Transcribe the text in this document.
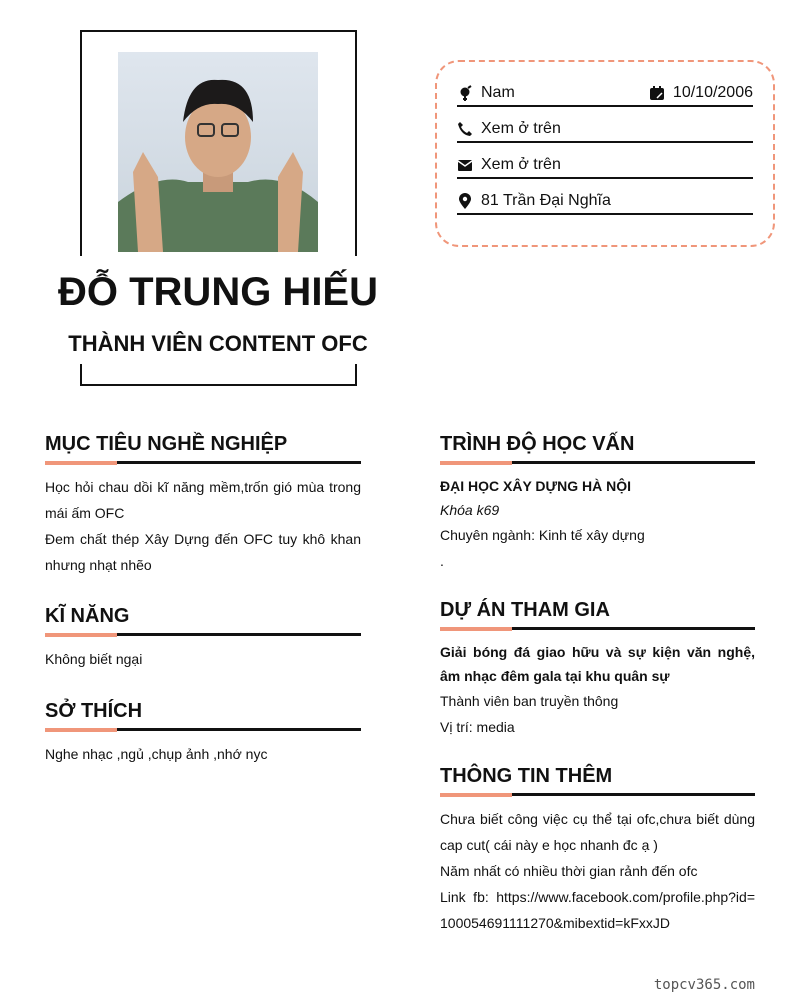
ĐỖ TRUNG HIẾU
THÀNH VIÊN CONTENT OFC
Nam	10/10/2006
Xem ở trên
Xem ở trên
81 Trần Đại Nghĩa
MỤC TIÊU NGHỀ NGHIỆP

Học hỏi chau dồi kĩ năng mềm,trốn gió mùa trong mái ấm OFC

Đem chất thép Xây Dựng đến OFC tuy khô khan nhưng nhạt nhẽo

KĨ NĂNG

Không biết ngại

SỞ THÍCH

Nghe nhạc ,ngủ ,chụp ảnh ,nhớ nyc

TRÌNH ĐỘ HỌC VẤN

ĐẠI HỌC XÂY DỰNG HÀ NỘI

Khóa k69

Chuyên ngành: Kinh tế xây dựng

.

DỰ ÁN THAM GIA

Giải bóng đá giao hữu và sự kiện văn nghệ, âm nhạc đêm gala tại khu quân sự

Thành viên ban truyền thông

Vị trí: media

THÔNG TIN THÊM

Chưa biết công việc cụ thể tại ofc,chưa biết dùng cap cut( cái này e học nhanh đc ạ )

Năm nhất có nhiều thời gian rảnh đến ofc

Link fb: https://www.facebook.com/profile.php?id=100054691111270&mibextid=kFxxJD

topcv365.com
